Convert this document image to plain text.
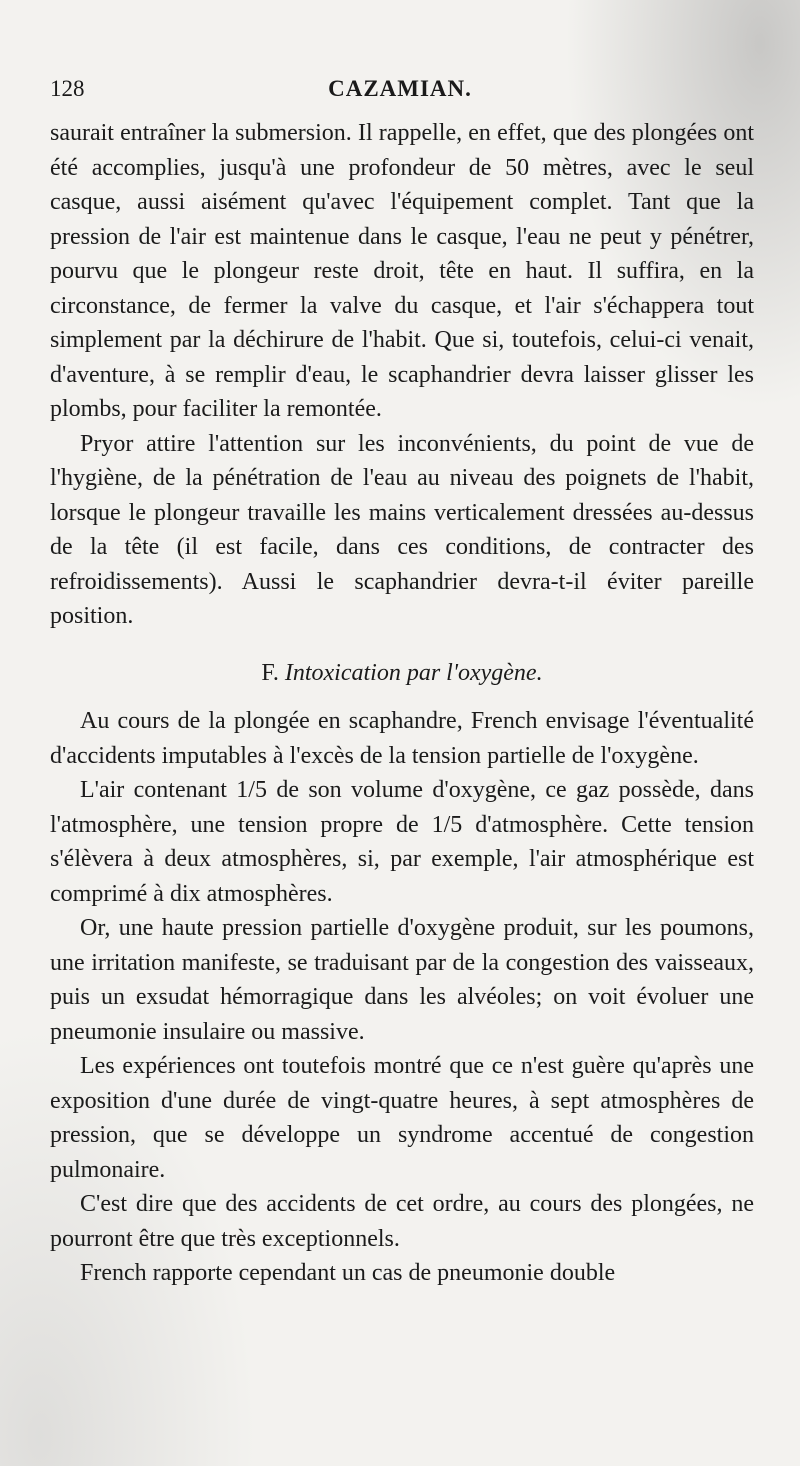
128	CAZAMIAN.

saurait entraîner la submersion. Il rappelle, en effet, que des plongées ont été accomplies, jusqu'à une profondeur de 50 mètres, avec le seul casque, aussi aisément qu'avec l'équipement complet. Tant que la pression de l'air est maintenue dans le casque, l'eau ne peut y pénétrer, pourvu que le plongeur reste droit, tête en haut. Il suffira, en la circonstance, de fermer la valve du casque, et l'air s'échappera tout simplement par la déchirure de l'habit. Que si, toutefois, celui-ci venait, d'aventure, à se remplir d'eau, le scaphandrier devra laisser glisser les plombs, pour faciliter la remontée.

Pryor attire l'attention sur les inconvénients, du point de vue de l'hygiène, de la pénétration de l'eau au niveau des poignets de l'habit, lorsque le plongeur travaille les mains verticalement dressées au-dessus de la tête (il est facile, dans ces conditions, de contracter des refroidissements). Aussi le scaphandrier devra-t-il éviter pareille position.

F. Intoxication par l'oxygène.

Au cours de la plongée en scaphandre, French envisage l'éventualité d'accidents imputables à l'excès de la tension partielle de l'oxygène.

L'air contenant 1/5 de son volume d'oxygène, ce gaz possède, dans l'atmosphère, une tension propre de 1/5 d'atmosphère. Cette tension s'élèvera à deux atmosphères, si, par exemple, l'air atmosphérique est comprimé à dix atmosphères.

Or, une haute pression partielle d'oxygène produit, sur les poumons, une irritation manifeste, se traduisant par de la congestion des vaisseaux, puis un exsudat hémorragique dans les alvéoles; on voit évoluer une pneumonie insulaire ou massive.

Les expériences ont toutefois montré que ce n'est guère qu'après une exposition d'une durée de vingt-quatre heures, à sept atmosphères de pression, que se développe un syndrome accentué de congestion pulmonaire.

C'est dire que des accidents de cet ordre, au cours des plongées, ne pourront être que très exceptionnels.

French rapporte cependant un cas de pneumonie double
